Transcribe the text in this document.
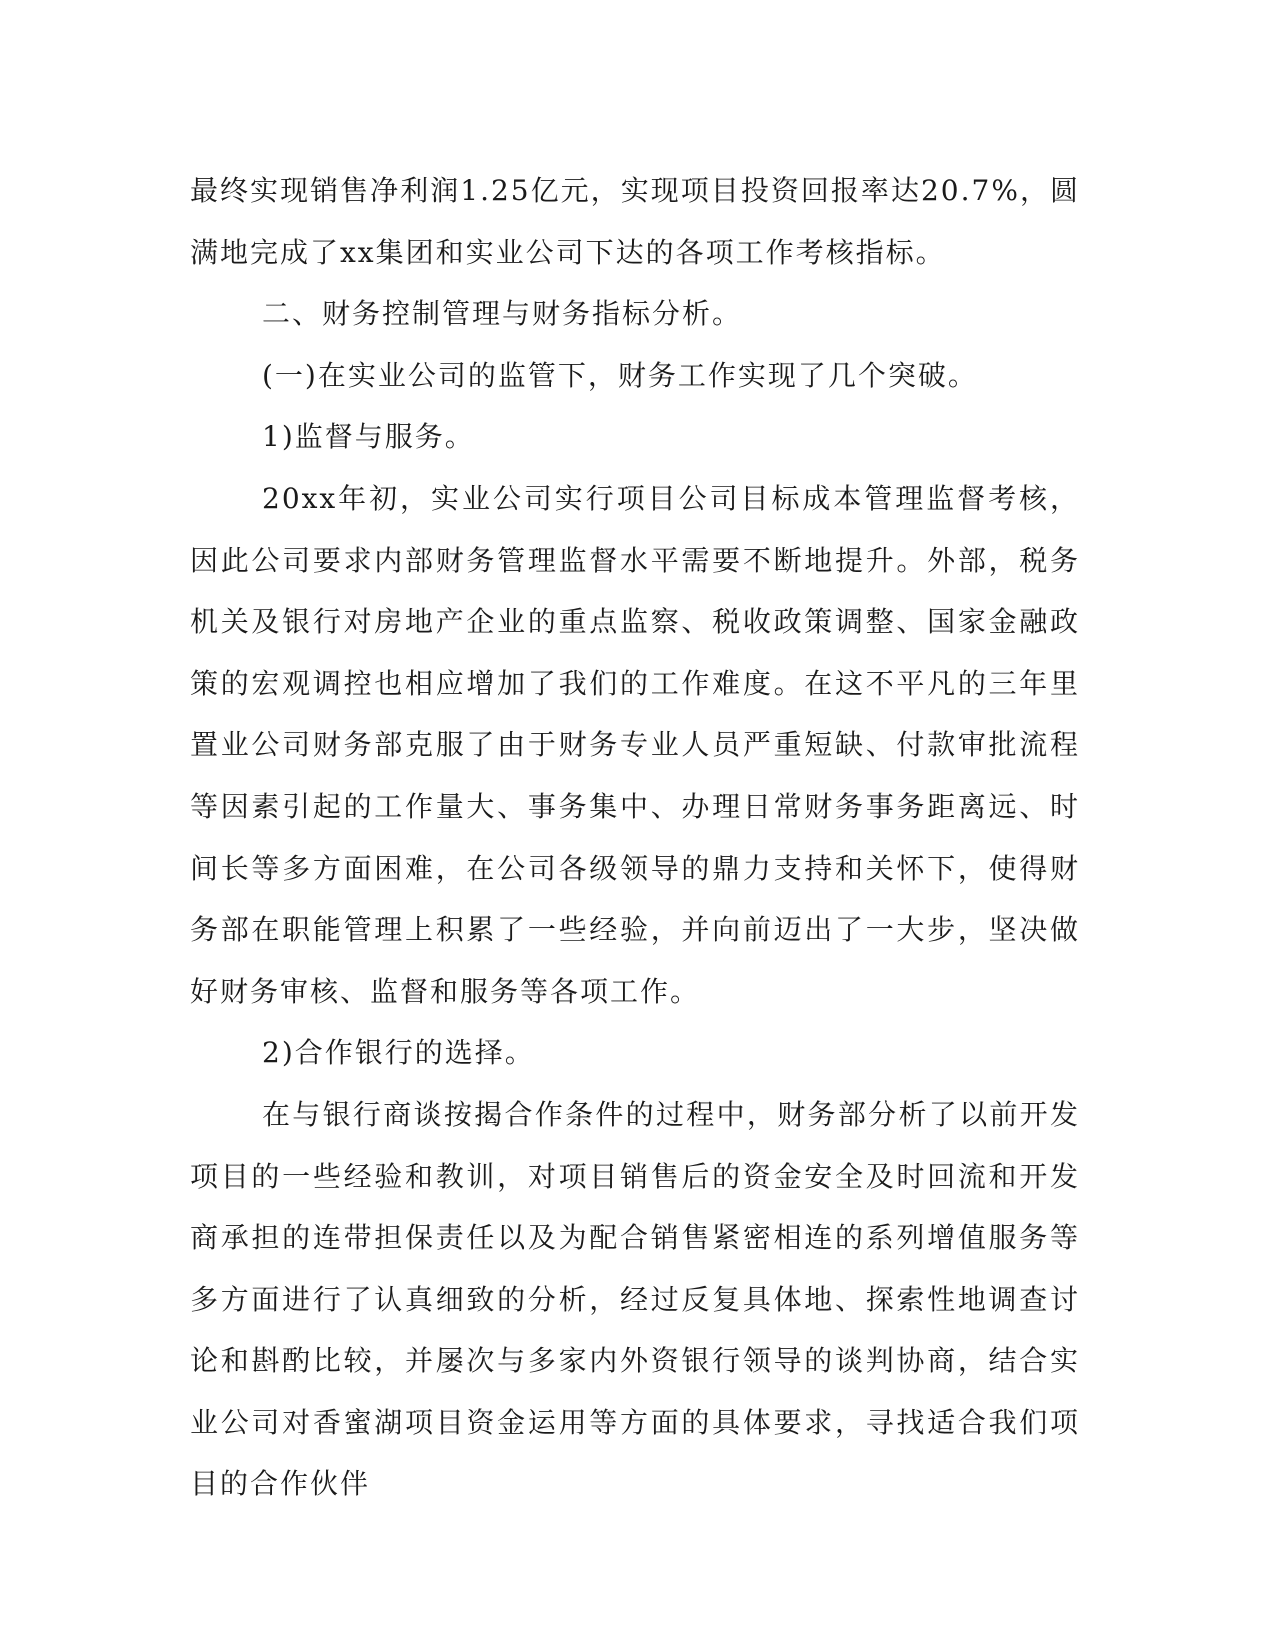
最终实现销售净利润1.25亿元，实现项目投资回报率达20.7%，圆满地完成了xx集团和实业公司下达的各项工作考核指标。

二、财务控制管理与财务指标分析。

(一)在实业公司的监管下，财务工作实现了几个突破。

1)监督与服务。

20xx年初，实业公司实行项目公司目标成本管理监督考核，因此公司要求内部财务管理监督水平需要不断地提升。外部，税务机关及银行对房地产企业的重点监察、税收政策调整、国家金融政策的宏观调控也相应增加了我们的工作难度。在这不平凡的三年里置业公司财务部克服了由于财务专业人员严重短缺、付款审批流程等因素引起的工作量大、事务集中、办理日常财务事务距离远、时间长等多方面困难，在公司各级领导的鼎力支持和关怀下，使得财务部在职能管理上积累了一些经验，并向前迈出了一大步，坚决做好财务审核、监督和服务等各项工作。

2)合作银行的选择。

在与银行商谈按揭合作条件的过程中，财务部分析了以前开发项目的一些经验和教训，对项目销售后的资金安全及时回流和开发商承担的连带担保责任以及为配合销售紧密相连的系列增值服务等多方面进行了认真细致的分析，经过反复具体地、探索性地调查讨论和斟酌比较，并屡次与多家内外资银行领导的谈判协商，结合实业公司对香蜜湖项目资金运用等方面的具体要求，寻找适合我们项目的合作伙伴
